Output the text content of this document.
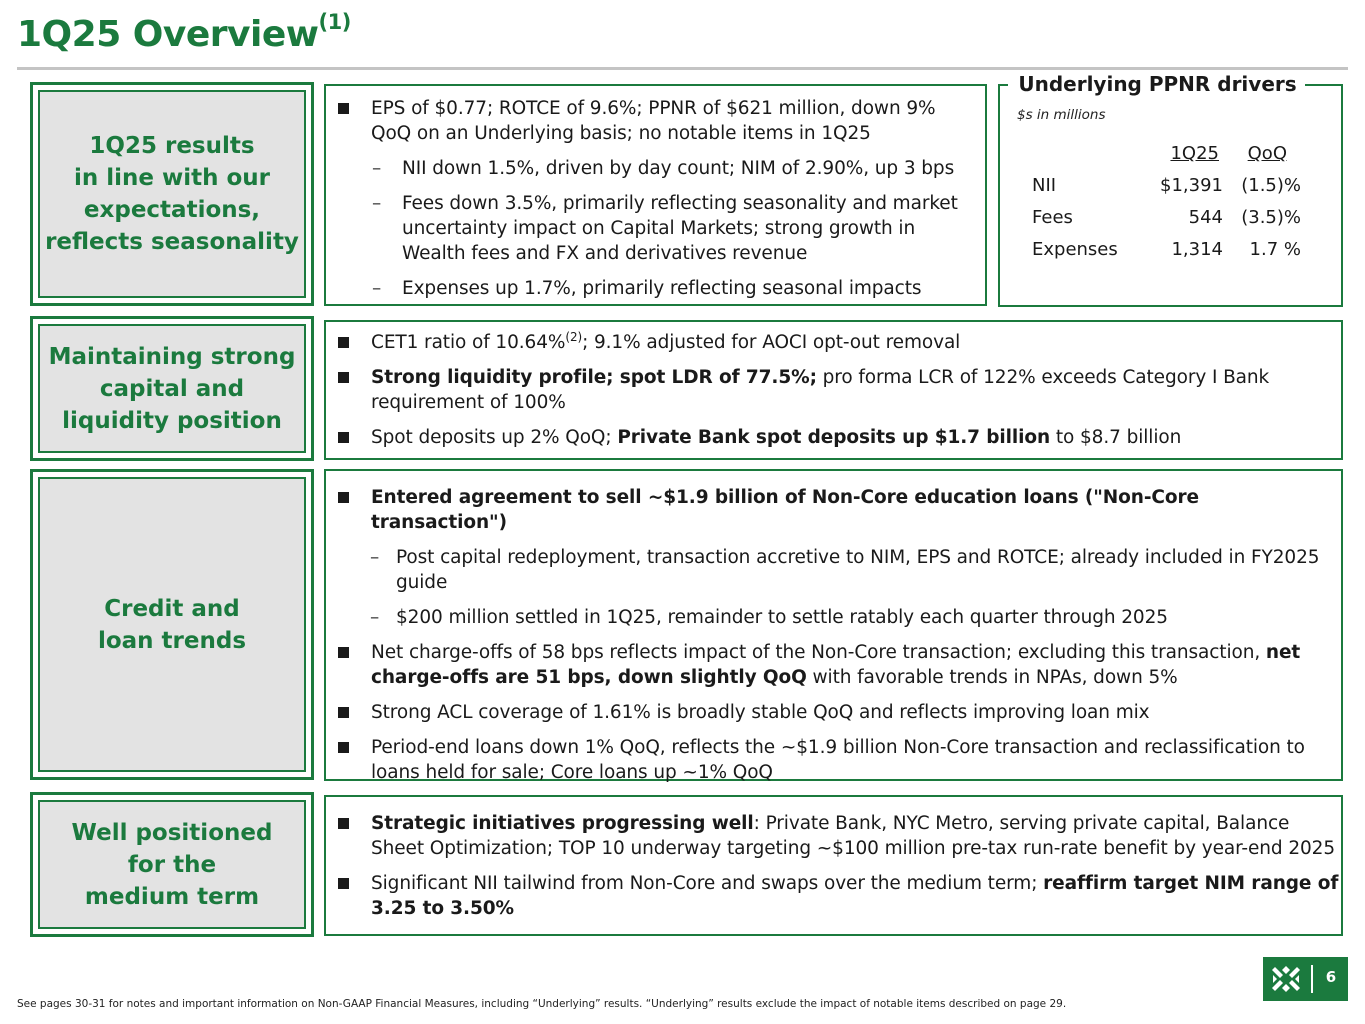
1Q25 Overview$^{(1)}$
1Q25 results
in line with our
expectations,
reflects seasonality
EPS of $0.77; ROTCE of 9.6%; PPNR of $621 million, down 9% QoQ on an Underlying basis; no notable items in 1Q25
– NII down 1.5%, driven by day count; NIM of 2.90%, up 3 bps
– Fees down 3.5%, primarily reflecting seasonality and market uncertainty impact on Capital Markets; strong growth in Wealth fees and FX and derivatives revenue
– Expenses up 1.7%, primarily reflecting seasonal impacts
Underlying PPNR drivers
$s in millions
1Q25 QoQ
NII	$1,391 (1.5)%
Fees	544 (3.5)%
Expenses	1,314 1.7 %
Maintaining strong
capital and
liquidity position
CET1 ratio of 10.64%$^{(2)}$; 9.1% adjusted for AOCI opt-out removal
Strong liquidity profile; spot LDR of 77.5%; pro forma LCR of 122% exceeds Category I Bank requirement of 100%
Spot deposits up 2% QoQ; Private Bank spot deposits up $1.7 billion to $8.7 billion
Credit and
loan trends
Entered agreement to sell ~$1.9 billion of Non-Core education loans ("Non-Core transaction")
– Post capital redeployment, transaction accretive to NIM, EPS and ROTCE; already included in FY2025 guide
– $200 million settled in 1Q25, remainder to settle ratably each quarter through 2025
Net charge-offs of 58 bps reflects impact of the Non-Core transaction; excluding this transaction, net charge-offs are 51 bps, down slightly QoQ with favorable trends in NPAs, down 5%
Strong ACL coverage of 1.61% is broadly stable QoQ and reflects improving loan mix
Period-end loans down 1% QoQ, reflects the ~$1.9 billion Non-Core transaction and reclassification to loans held for sale; Core loans up ~1% QoQ
Well positioned
for the
medium term
Strategic initiatives progressing well: Private Bank, NYC Metro, serving private capital, Balance Sheet Optimization; TOP 10 underway targeting ~$100 million pre-tax run-rate benefit by year-end 2025
Significant NII tailwind from Non-Core and swaps over the medium term; reaffirm target NIM range of 3.25 to 3.50%
See pages 30-31 for notes and important information on Non-GAAP Financial Measures, including “Underlying” results. “Underlying” results exclude the impact of notable items described on page 29.
6
